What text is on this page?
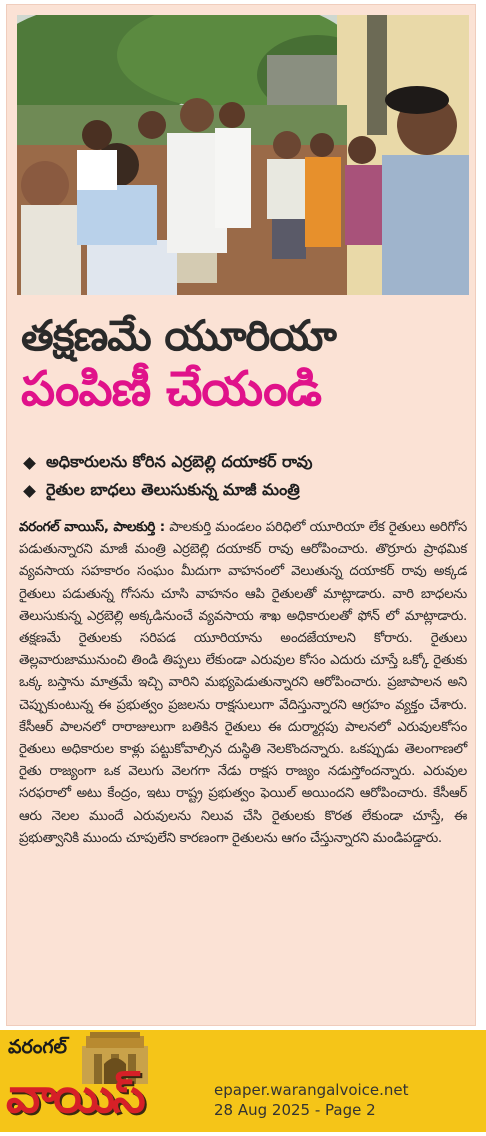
తక్షణమే యూరియా
పంపిణీ చేయండి
అధికారులను కోరిన ఎర్రబెల్లి దయాకర్ రావు
రైతుల బాధలు తెలుసుకున్న మాజీ మంత్రి
వరంగల్ వాయిస్, పాలకుర్తి : పాలకుర్తి మండలం పరిధిలో యూరియా లేక రైతులు అరిగోస పడుతున్నారని మాజీ మంత్రి ఎర్రబెల్లి దయాకర్ రావు ఆరోపించారు. తొర్రూరు ప్రాథమిక వ్యవసాయ సహకారం సంఘం మీదుగా వాహనంలో వెలుతున్న దయాకర్ రావు అక్కడ రైతులు పడుతున్న గోసను చూసి వాహనం ఆపి రైతులతో మాట్లాడారు. వారి బాధలను తెలుసుకున్న ఎర్రబెల్లి అక్కడినుంచే వ్యవసాయ శాఖ అధికారులతో ఫోన్ లో మాట్లాడారు. తక్షణమే రైతులకు సరిపడ యూరియాను అందజేయాలని కోరారు. రైతులు తెల్లవారుజామునుంచి తిండి తిప్పలు లేకుండా ఎరువుల కోసం ఎదురు చూస్తే ఒక్కో రైతుకు ఒక్క బస్తాను మాత్రమే ఇచ్చి వారిని మభ్యపెడుతున్నారని ఆరోపించారు. ప్రజాపాలన అని చెప్పుకుంటున్న ఈ ప్రభుత్వం ప్రజలను రాక్షసులుగా వేదిస్తున్నారని ఆగ్రహం వ్యక్తం చేశారు. కేసీఆర్ పాలనలో రారాజులుగా బతికిన రైతులు ఈ దుర్మార్గపు పాలనలో ఎరువులకోసం రైతులు అధికారుల కాళ్లు పట్టుకోవాల్సిన దుస్థితి నెలకొందన్నారు. ఒకప్పుడు తెలంగాణలో రైతు రాజ్యంగా ఒక వెలుగు వెలగగా నేడు రాక్షస రాజ్యం నడుస్తోందన్నారు. ఎరువుల సరఫరాలో అటు కేంద్రం, ఇటు రాష్ట్ర ప్రభుత్వం ఫెయిల్ అయిందని ఆరోపించారు. కేసీఆర్ ఆరు నెలల ముందే ఎరువులను నిలువ చేసి రైతులకు కొరత లేకుండా చూస్తే, ఈ ప్రభుత్వానికి ముందు చూపులేని కారణంగా రైతులను ఆగం చేస్తున్నారని మండిపడ్డారు.
వరంగల్
వాయిస్	epaper.warangalvoice.net
28 Aug 2025 - Page 2
